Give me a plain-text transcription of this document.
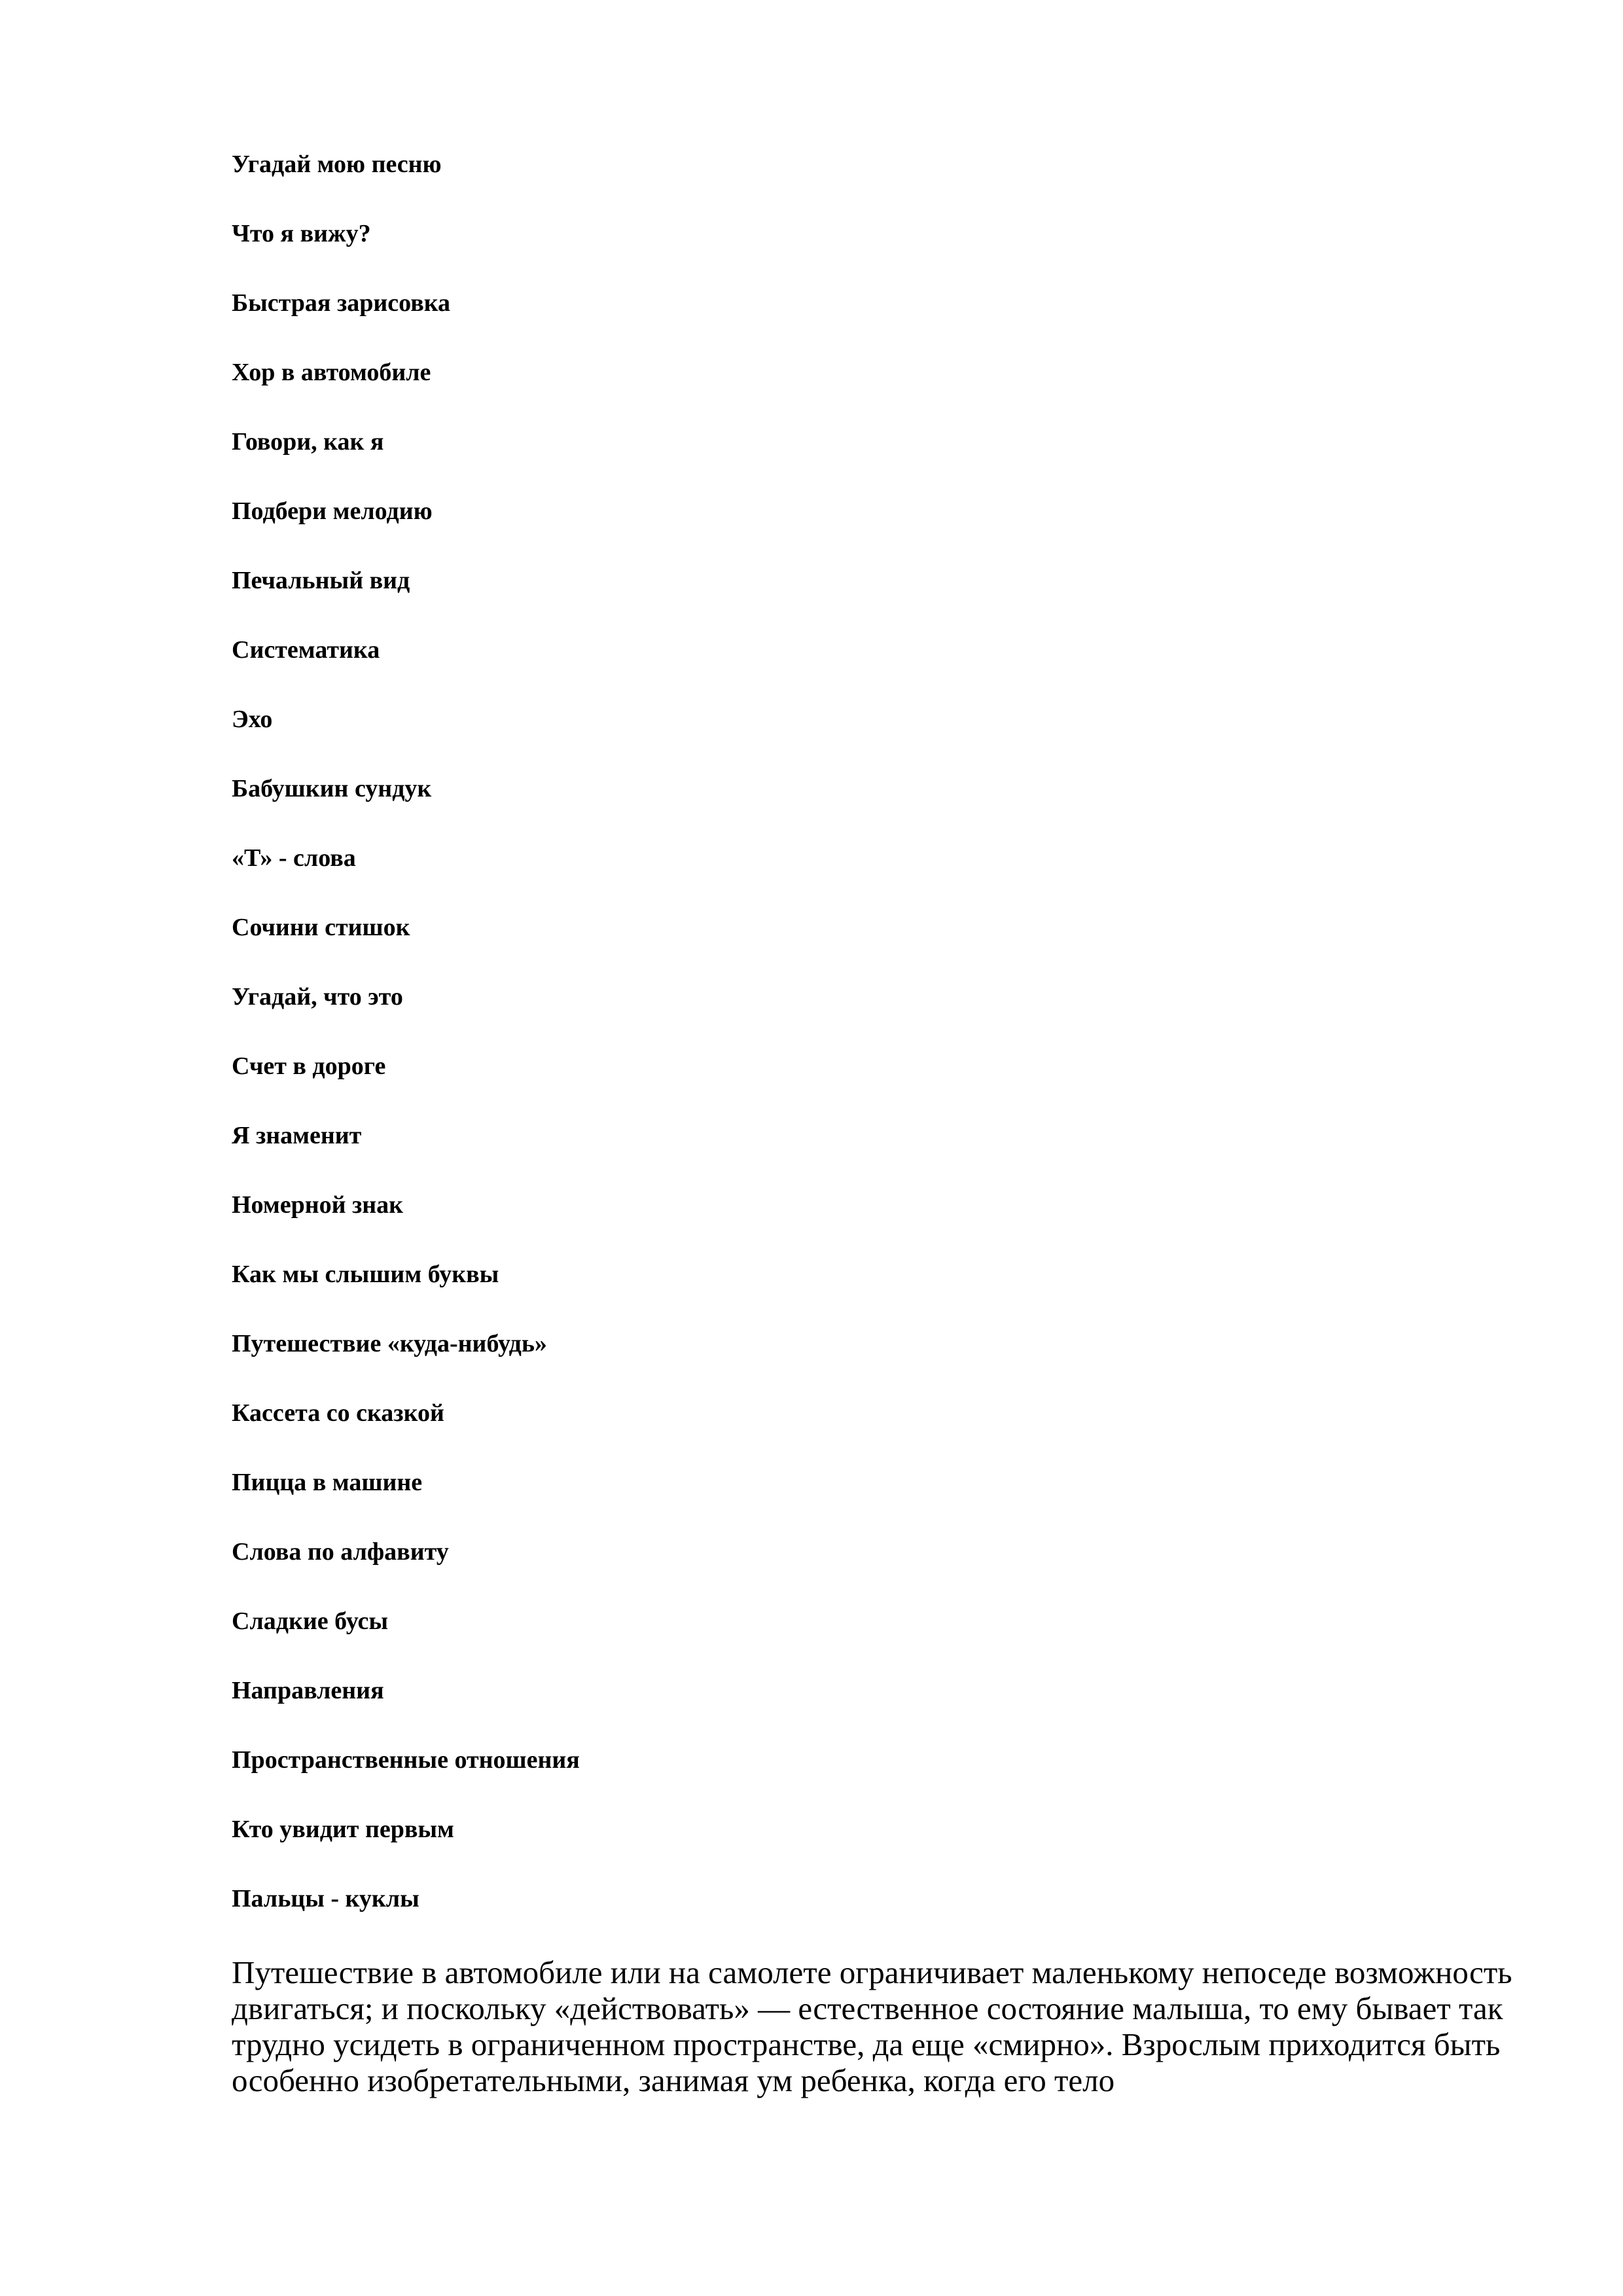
Угадай мою песню
Что я вижу?
Быстрая зарисовка
Хор в автомобиле
Говори, как я
Подбери мелодию
Печальный вид
Систематика
Эхо
Бабушкин сундук
«Т» - слова
Сочини стишок
Угадай, что это
Счет в дороге
Я знаменит
Номерной знак
Как мы слышим буквы
Путешествие «куда-нибудь»
Кассета со сказкой
Пицца в машине
Слова по алфавиту
Сладкие бусы
Направления
Пространственные отношения
Кто увидит первым
Пальцы - куклы

Путешествие в автомобиле или на самолете ограничивает маленькому непоседе возможность двигаться; и поскольку «действовать» — естественное состояние малыша, то ему бывает так трудно усидеть в ограниченном пространстве, да еще «смирно». Взрослым приходится быть особенно изобретательными, занимая ум ребенка, когда его тело
